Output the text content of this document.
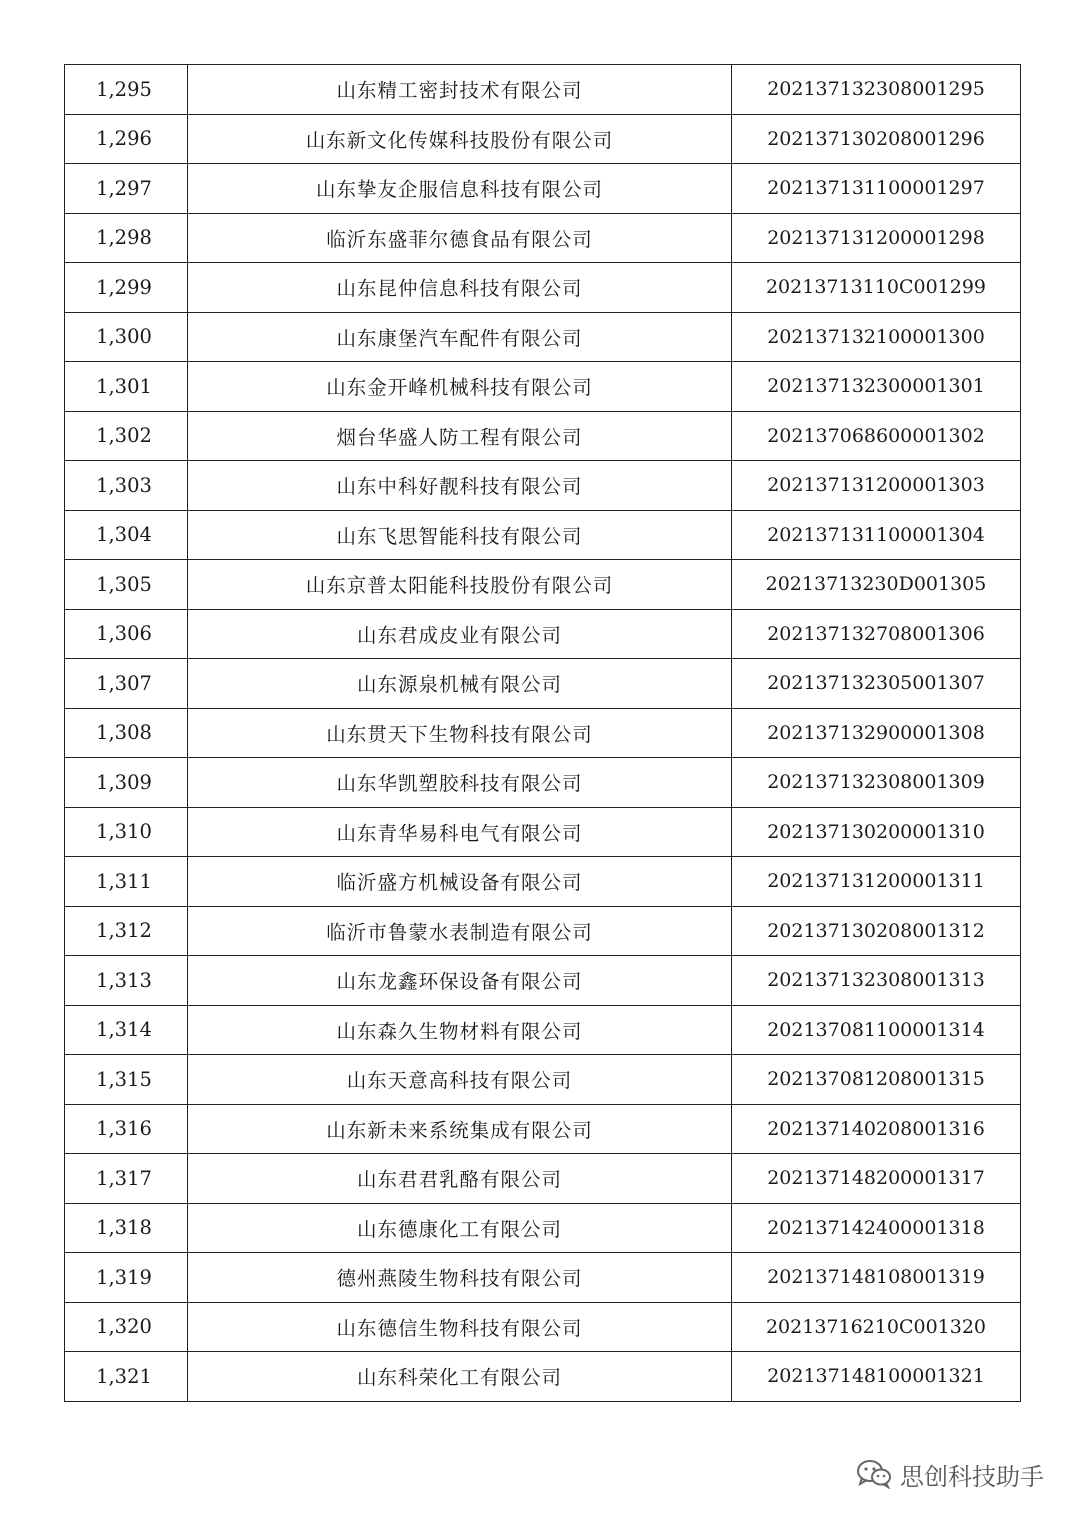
1,295	山东精工密封技术有限公司	202137132308001295
1,296	山东新文化传媒科技股份有限公司	202137130208001296
1,297	山东挚友企服信息科技有限公司	202137131100001297
1,298	临沂东盛菲尔德食品有限公司	202137131200001298
1,299	山东昆仲信息科技有限公司	20213713110C001299
1,300	山东康堡汽车配件有限公司	202137132100001300
1,301	山东金开峰机械科技有限公司	202137132300001301
1,302	烟台华盛人防工程有限公司	202137068600001302
1,303	山东中科好靓科技有限公司	202137131200001303
1,304	山东飞思智能科技有限公司	202137131100001304
1,305	山东京普太阳能科技股份有限公司	20213713230D001305
1,306	山东君成皮业有限公司	202137132708001306
1,307	山东源泉机械有限公司	202137132305001307
1,308	山东贯天下生物科技有限公司	202137132900001308
1,309	山东华凯塑胶科技有限公司	202137132308001309
1,310	山东青华易科电气有限公司	202137130200001310
1,311	临沂盛方机械设备有限公司	202137131200001311
1,312	临沂市鲁蒙水表制造有限公司	202137130208001312
1,313	山东龙鑫环保设备有限公司	202137132308001313
1,314	山东森久生物材料有限公司	202137081100001314
1,315	山东天意高科技有限公司	202137081208001315
1,316	山东新未来系统集成有限公司	202137140208001316
1,317	山东君君乳酪有限公司	202137148200001317
1,318	山东德康化工有限公司	202137142400001318
1,319	德州燕陵生物科技有限公司	202137148108001319
1,320	山东德信生物科技有限公司	20213716210C001320
1,321	山东科荣化工有限公司	202137148100001321
思创科技助手
